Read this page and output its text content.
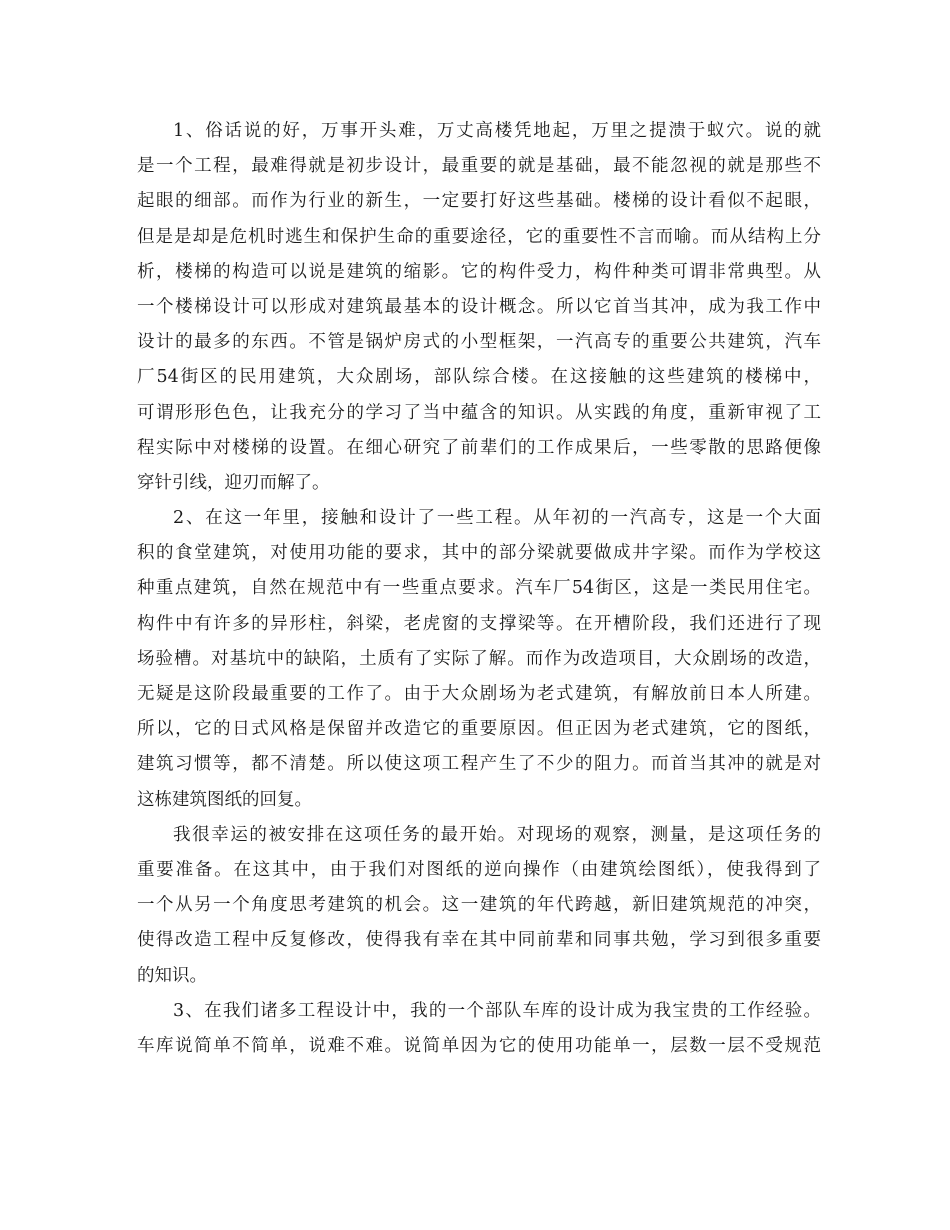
1、俗话说的好，万事开头难，万丈高楼凭地起，万里之提溃于蚁穴。说的就
是一个工程，最难得就是初步设计，最重要的就是基础，最不能忽视的就是那些不
起眼的细部。而作为行业的新生，一定要打好这些基础。楼梯的设计看似不起眼，
但是是却是危机时逃生和保护生命的重要途径，它的重要性不言而喻。而从结构上分
析，楼梯的构造可以说是建筑的缩影。它的构件受力，构件种类可谓非常典型。从
一个楼梯设计可以形成对建筑最基本的设计概念。所以它首当其冲，成为我工作中
设计的最多的东西。不管是锅炉房式的小型框架，一汽高专的重要公共建筑，汽车
厂54街区的民用建筑，大众剧场，部队综合楼。在这接触的这些建筑的楼梯中，
可谓形形色色，让我充分的学习了当中蕴含的知识。从实践的角度，重新审视了工
程实际中对楼梯的设置。在细心研究了前辈们的工作成果后，一些零散的思路便像
穿针引线，迎刃而解了。
2、在这一年里，接触和设计了一些工程。从年初的一汽高专，这是一个大面
积的食堂建筑，对使用功能的要求，其中的部分梁就要做成井字梁。而作为学校这
种重点建筑，自然在规范中有一些重点要求。汽车厂54街区，这是一类民用住宅。
构件中有许多的异形柱，斜梁，老虎窗的支撑梁等。在开槽阶段，我们还进行了现
场验槽。对基坑中的缺陷，土质有了实际了解。而作为改造项目，大众剧场的改造，
无疑是这阶段最重要的工作了。由于大众剧场为老式建筑，有解放前日本人所建。
所以，它的日式风格是保留并改造它的重要原因。但正因为老式建筑，它的图纸，
建筑习惯等，都不清楚。所以使这项工程产生了不少的阻力。而首当其冲的就是对
这栋建筑图纸的回复。
我很幸运的被安排在这项任务的最开始。对现场的观察，测量，是这项任务的
重要准备。在这其中，由于我们对图纸的逆向操作（由建筑绘图纸），使我得到了
一个从另一个角度思考建筑的机会。这一建筑的年代跨越，新旧建筑规范的冲突，
使得改造工程中反复修改，使得我有幸在其中同前辈和同事共勉，学习到很多重要
的知识。
3、在我们诸多工程设计中，我的一个部队车库的设计成为我宝贵的工作经验。
车库说简单不简单，说难不难。说简单因为它的使用功能单一，层数一层不受规范
